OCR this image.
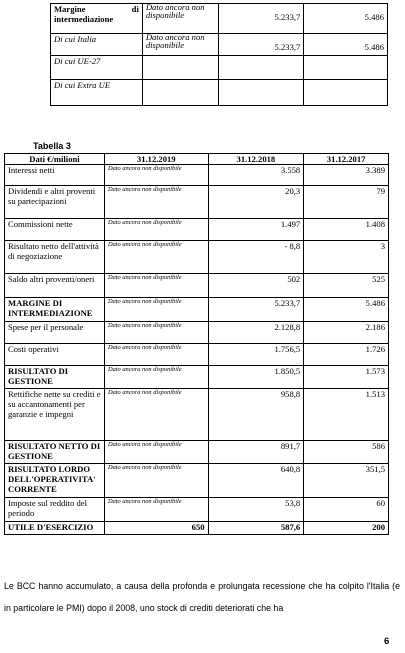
Margine di intermediazione	Dato ancora non disponibile	5.233,7	5.486
Di cui Italia	Dato ancora non disponibile	5.233,7	5.486
Di cui UE-27			
Di cui Extra UE			
Tabella 3
Dati €/milioni	31.12.2019	31.12.2018	31.12.2017
Interessi netti	Dato ancora non disponibile	3.558	3.389
Dividendi e altri proventi su partecipazioni	Dato ancora non disponibile	20,3	79
Commissioni nette	Dato ancora non disponibile	1.497	1.408
Risultato netto dell'attività di negoziazione	Dato ancora non disponibile	- 8,8	3
Saldo altri proventi/oneri	Dato ancora non disponibile	502	525
MARGINE DI INTERMEDIAZIONE	Dato ancora non disponibile	5.233,7	5.486
Spese per il personale	Dato ancora non disponibile	2.128,8	2.186
Costi operativi	Dato ancora non disponibile	1.756,5	1.726
RISULTATO DI GESTIONE	Dato ancora non disponibile	1.850,5	1.573
Rettifiche nette su crediti e su accantonamenti per garanzie e impegni	Dato ancora non disponibile	958,8	1.513
RISULTATO NETTO DI GESTIONE	Dato ancora non disponibile	891,7	586
RISULTATO LORDO DELL'OPERATIVITA' CORRENTE	Dato ancora non disponibile	640,8	351,5
Imposte sul reddito del periodo	Dato ancora non disponibile	53,8	60
UTILE D'ESERCIZIO	650	587,6	200
Le BCC hanno accumulato, a causa della profonda e prolungata recessione che ha colpito l'Italia (e in particolare le PMI) dopo il 2008, uno stock di crediti deteriorati che ha
6
